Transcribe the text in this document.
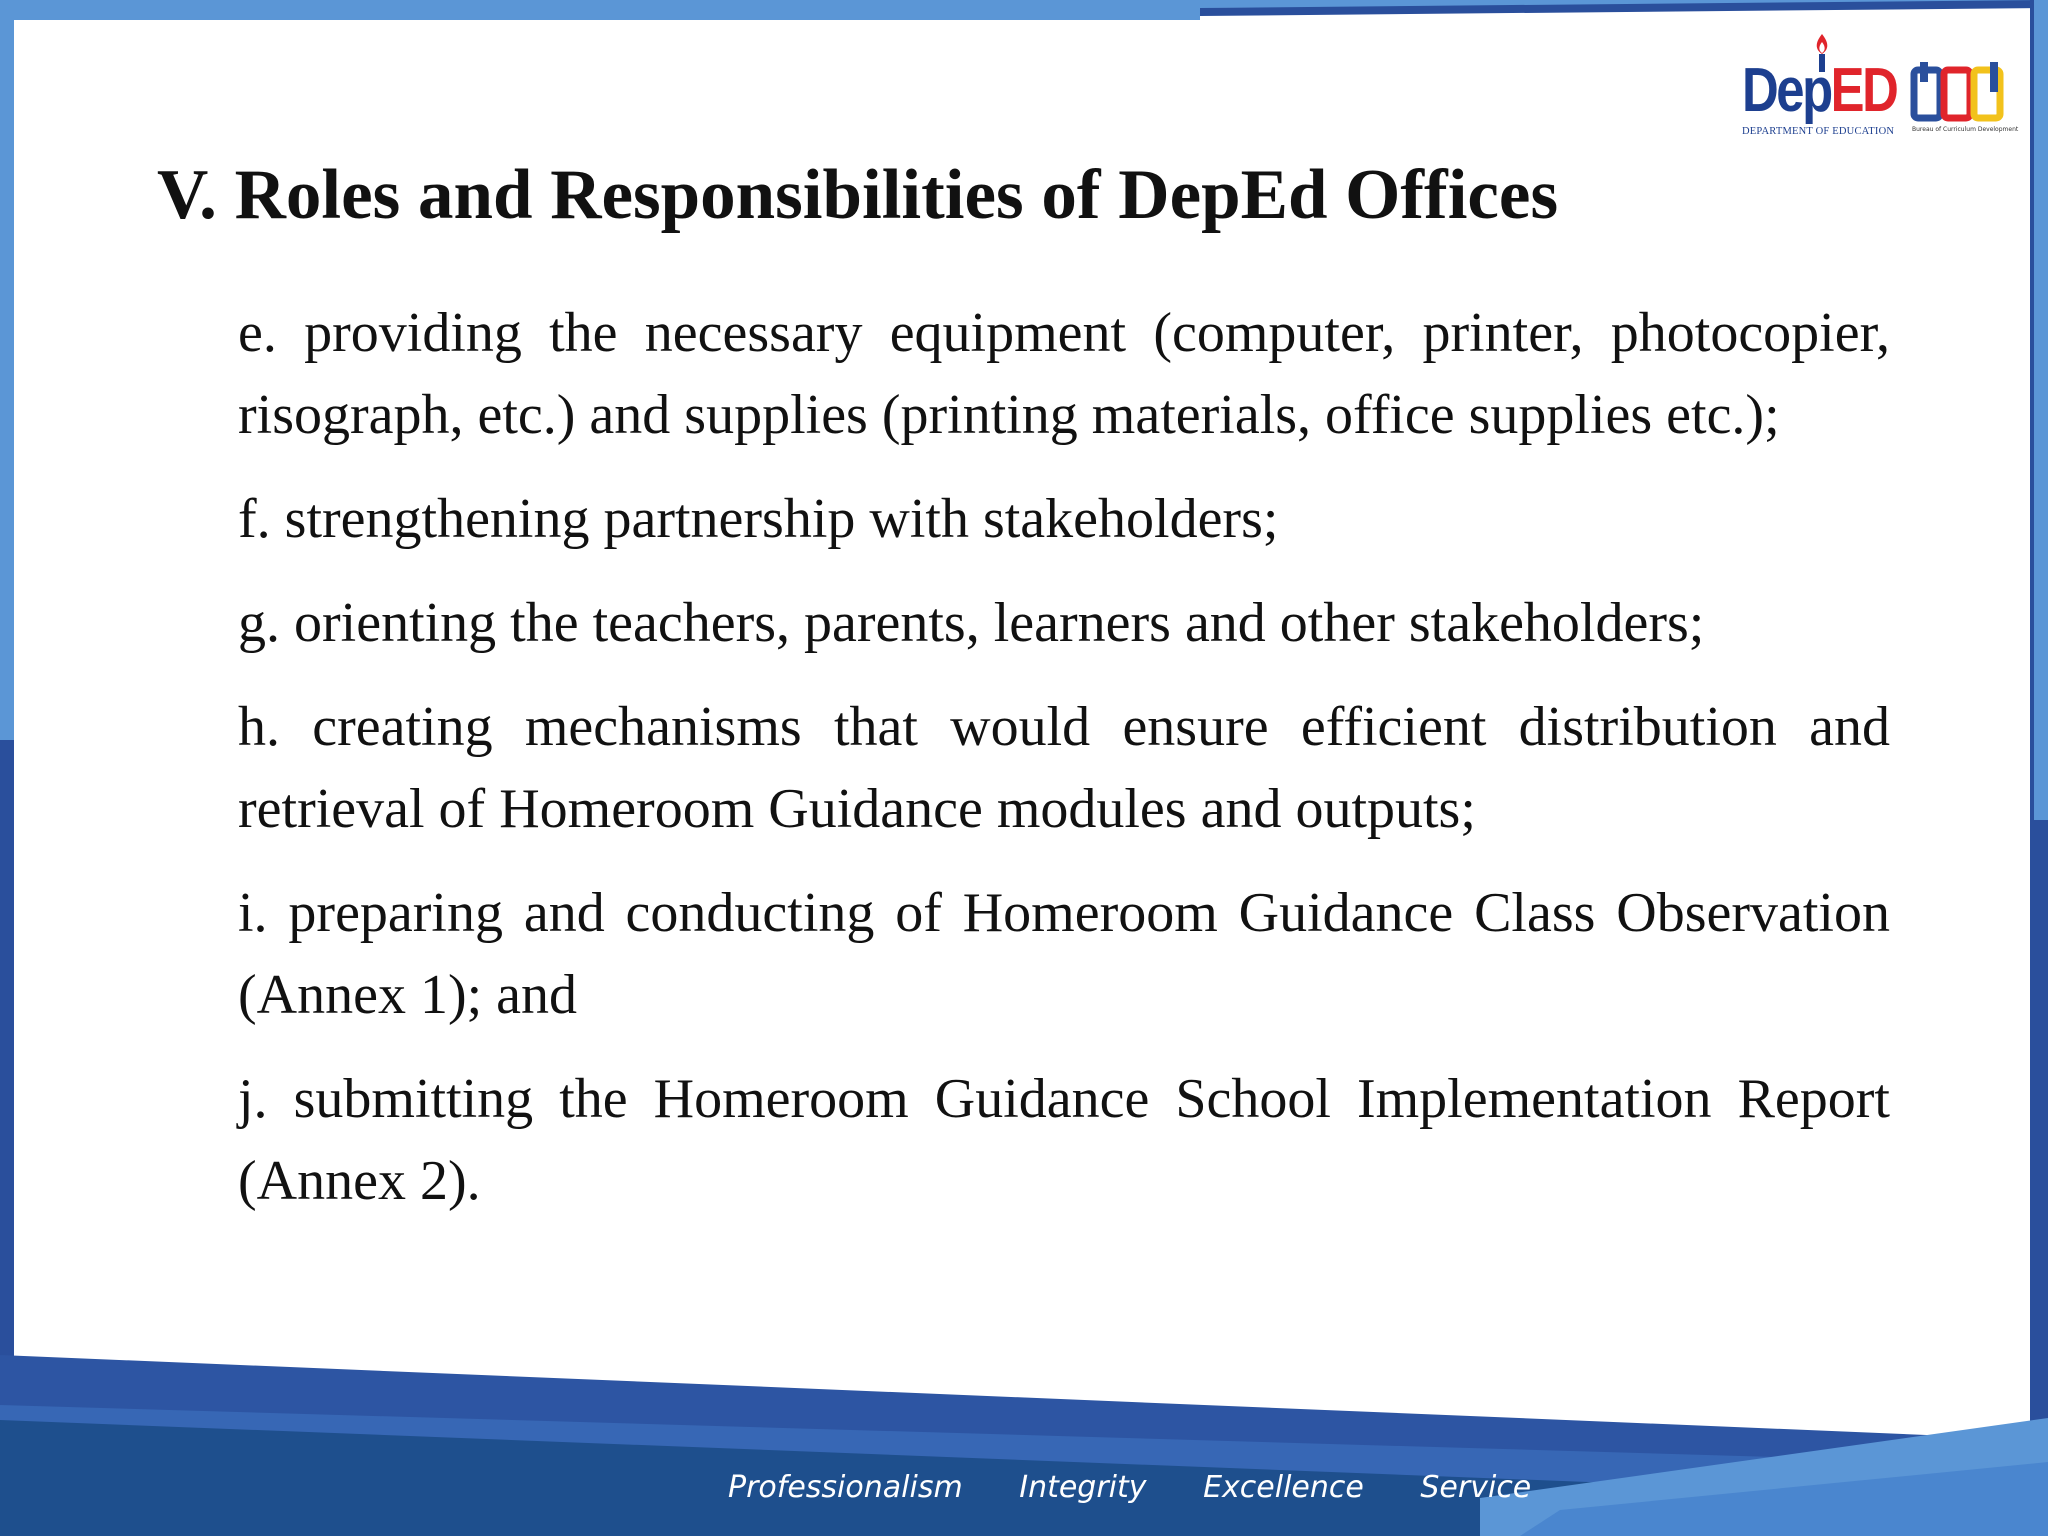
DepED
DEPARTMENT OF EDUCATION	Bureau of Curriculum Development
V. Roles and Responsibilities of DepEd Offices

e. providing the necessary equipment (computer, printer, photocopier, risograph, etc.) and supplies (printing materials, office supplies etc.);

f. strengthening partnership with stakeholders;

g. orienting the teachers, parents, learners and other stakeholders;

h. creating mechanisms that would ensure efficient distribution and retrieval of Homeroom Guidance modules and outputs;

i. preparing and conducting of Homeroom Guidance Class Observation (Annex 1); and

j. submitting the Homeroom Guidance School Implementation Report (Annex 2).

Professionalism Integrity Excellence Service
